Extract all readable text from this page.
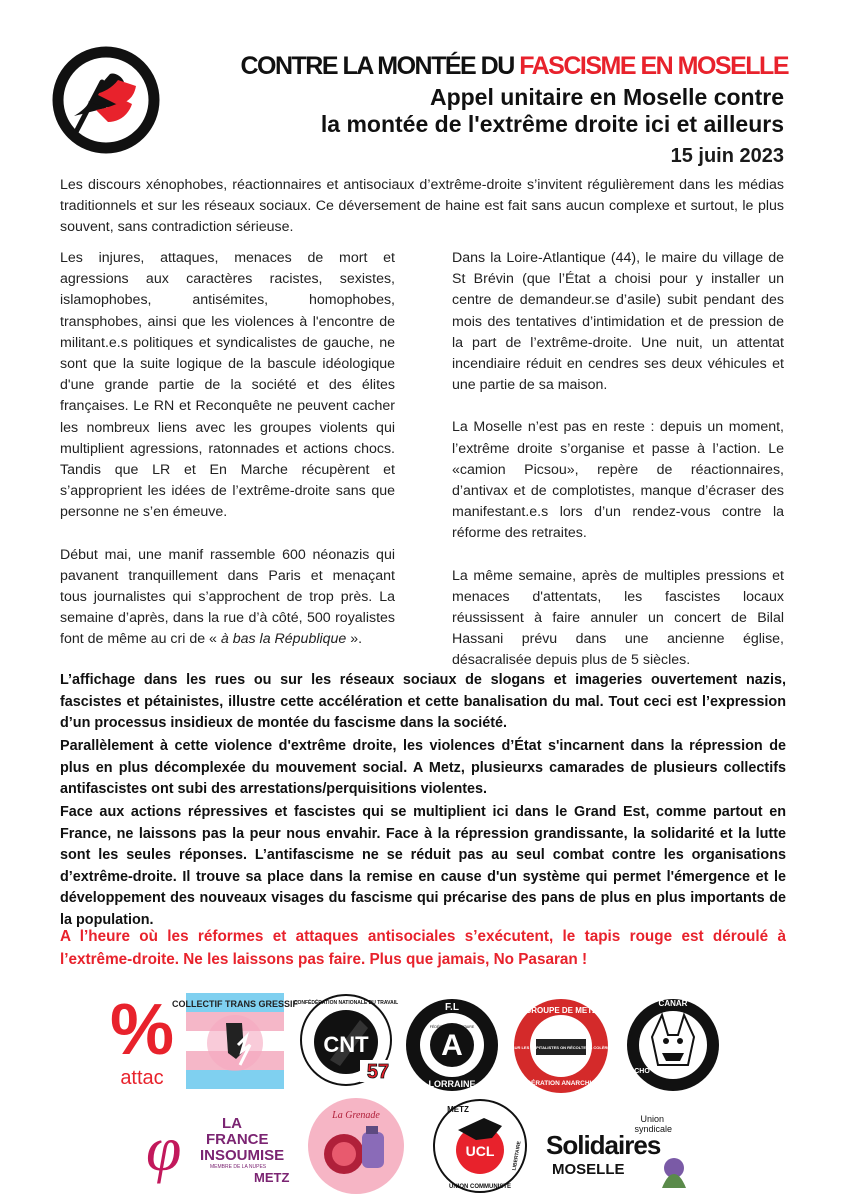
CONTRE LA MONTÉE DU FASCISME EN MOSELLE
Appel unitaire en Moselle contre
la montée de l'extrême droite ici et ailleurs
15 juin 2023

Les discours xénophobes, réactionnaires et antisociaux d’extrême-droite s’invitent régulièrement dans les médias traditionnels et sur les réseaux sociaux. Ce déversement de haine est fait sans aucun complexe et surtout, le plus souvent, sans contradiction sérieuse.

Les injures, attaques, menaces de mort et agressions aux caractères racistes, sexistes, islamophobes, antisémites, homophobes, transphobes, ainsi que les violences à l'encontre de militant.e.s politiques et syndicalistes de gauche, ne sont que la suite logique de la bascule idéologique d'une grande partie de la société et des élites françaises. Le RN et Reconquête ne peuvent cacher les nombreux liens avec les groupes violents qui multiplient agressions, ratonnades et actions chocs. Tandis que LR et En Marche récupèrent et s’approprient les idées de l’extrême-droite sans que personne ne s’en émeuve.

Début mai, une manif rassemble 600 néonazis qui pavanent tranquillement dans Paris et menaçant tous journalistes qui s’approchent de trop près. La semaine d’après, dans la rue d’à côté, 500 royalistes font de même au cri de « à bas la République ».

Dans la Loire-Atlantique (44), le maire du village de St Brévin (que l’État a choisi pour y installer un centre de demandeur.se d’asile) subit pendant des mois des tentatives d’intimidation et de pression de la part de l’extrême-droite. Une nuit, un attentat incendiaire réduit en cendres ses deux véhicules et une partie de sa maison.

La Moselle n’est pas en reste : depuis un moment, l’extrême droite s’organise et passe à l’action. Le «camion Picsou», repère de réactionnaires, d’antivax et de complotistes, manque d’écraser des manifestant.e.s lors d’un rendez-vous contre la réforme des retraites.

La même semaine, après de multiples pressions et menaces d'attentats, les fascistes locaux réussissent à faire annuler un concert de Bilal Hassani prévu dans une ancienne église, désacralisée depuis plus de 5 siècles.

L’affichage dans les rues ou sur les réseaux sociaux de slogans et imageries ouvertement nazis, fascistes et pétainistes, illustre cette accélération et cette banalisation du mal. Tout ceci est l’expression d’un processus insidieux de montée du fascisme dans la société.

Parallèlement à cette violence d'extrême droite, les violences d’État s'incarnent dans la répression de plus en plus décomplexée du mouvement social. A Metz, plusieurxs camarades de plusieurs collectifs antifascistes ont subi des arrestations/perquisitions violentes.

Face aux actions répressives et fascistes qui se multiplient ici dans le Grand Est, comme partout en France, ne laissons pas la peur nous envahir. Face à la répression grandissante, la solidarité et la lutte sont les seules réponses. L’antifascisme ne se réduit pas au seul combat contre les organisations d’extrême-droite. Il trouve sa place dans la remise en cause d'un système qui permet l'émergence et le développement des nouveaux visages du fascisme qui précarise des pans de plus en plus importants de la population.

A l’heure où les réformes et attaques antisociales s’exécutent, le tapis rouge est déroulé à l’extrême-droite. Ne les laissons pas faire. Plus que jamais, No Pasaran !

%
attac
COLLECTIF TRANS GRESSIF
CNT
57
CONFÉDÉRATION NATIONALE DU TRAVAIL
A
F.L
LORRAINE
FÉDÉRATION LIBERTAIRE
SUR LES CAPITALISTES ON RÉCOLTE LA COLÈRE
GROUPE DE METZ
FÉDÉRATION ANARCHISTE
CANAR
CHO
φ	LA
FRANCE
INSOUMISE
MEMBRE DE LA NUPES
METZ
La Grenade
UCL
METZ
LIBERTAIRE
UNION COMMUNISTE
Union
syndicale
Solidaires
MOSELLE
